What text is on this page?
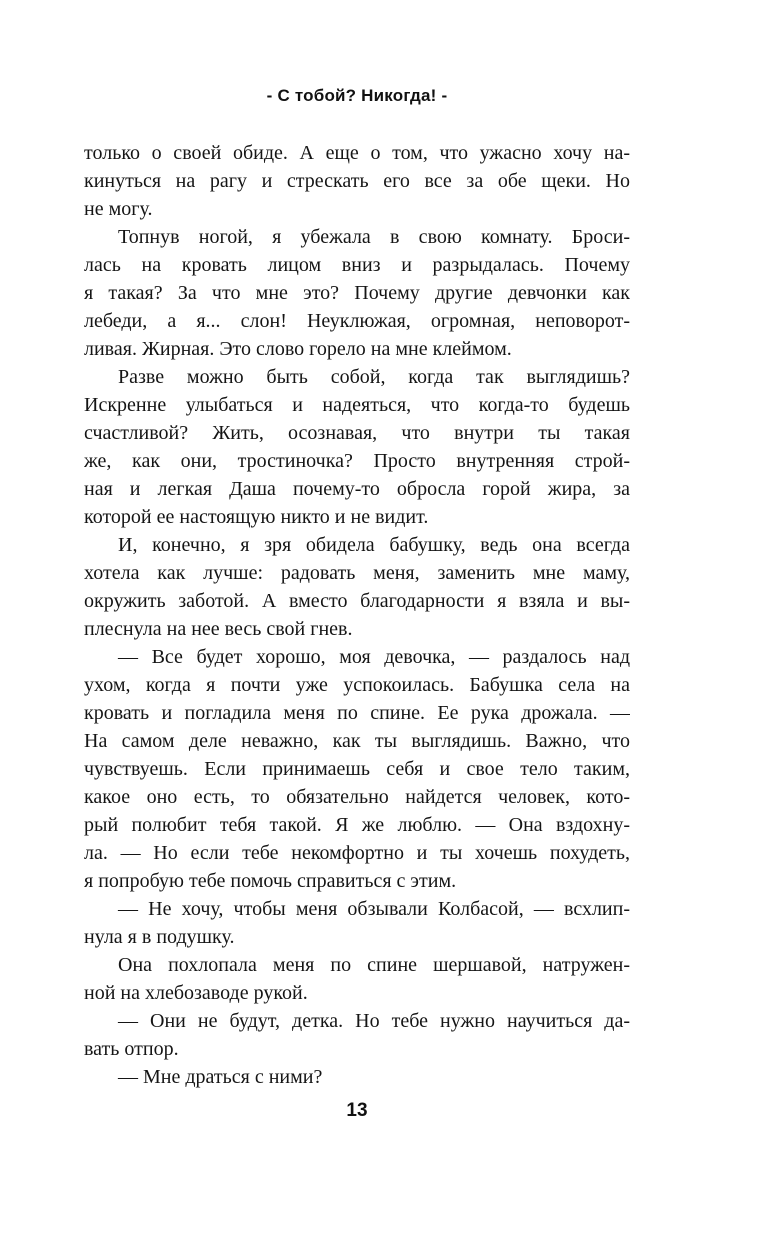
- С тобой? Никогда! -
только о своей обиде. А еще о том, что ужасно хочу на-
кинуться на рагу и стрескать его все за обе щеки. Но
не могу.
Топнув ногой, я убежала в свою комнату. Броси-
лась на кровать лицом вниз и разрыдалась. Почему
я такая? За что мне это? Почему другие девчонки как
лебеди, а я... слон! Неуклюжая, огромная, неповорот-
ливая. Жирная. Это слово горело на мне клеймом.
Разве можно быть собой, когда так выглядишь?
Искренне улыбаться и надеяться, что когда-то будешь
счастливой? Жить, осознавая, что внутри ты такая
же, как они, тростиночка? Просто внутренняя строй-
ная и легкая Даша почему-то обросла горой жира, за
которой ее настоящую никто и не видит.
И, конечно, я зря обидела бабушку, ведь она всегда
хотела как лучше: радовать меня, заменить мне маму,
окружить заботой. А вместо благодарности я взяла и вы-
плеснула на нее весь свой гнев.
— Все будет хорошо, моя девочка, — раздалось над
ухом, когда я почти уже успокоилась. Бабушка села на
кровать и погладила меня по спине. Ее рука дрожала. —
На самом деле неважно, как ты выглядишь. Важно, что
чувствуешь. Если принимаешь себя и свое тело таким,
какое оно есть, то обязательно найдется человек, кото-
рый полюбит тебя такой. Я же люблю. — Она вздохну-
ла. — Но если тебе некомфортно и ты хочешь похудеть,
я попробую тебе помочь справиться с этим.
— Не хочу, чтобы меня обзывали Колбасой, — всхлип-
нула я в подушку.
Она похлопала меня по спине шершавой, натружен-
ной на хлебозаводе рукой.
— Они не будут, детка. Но тебе нужно научиться да-
вать отпор.
— Мне драться с ними?
13
